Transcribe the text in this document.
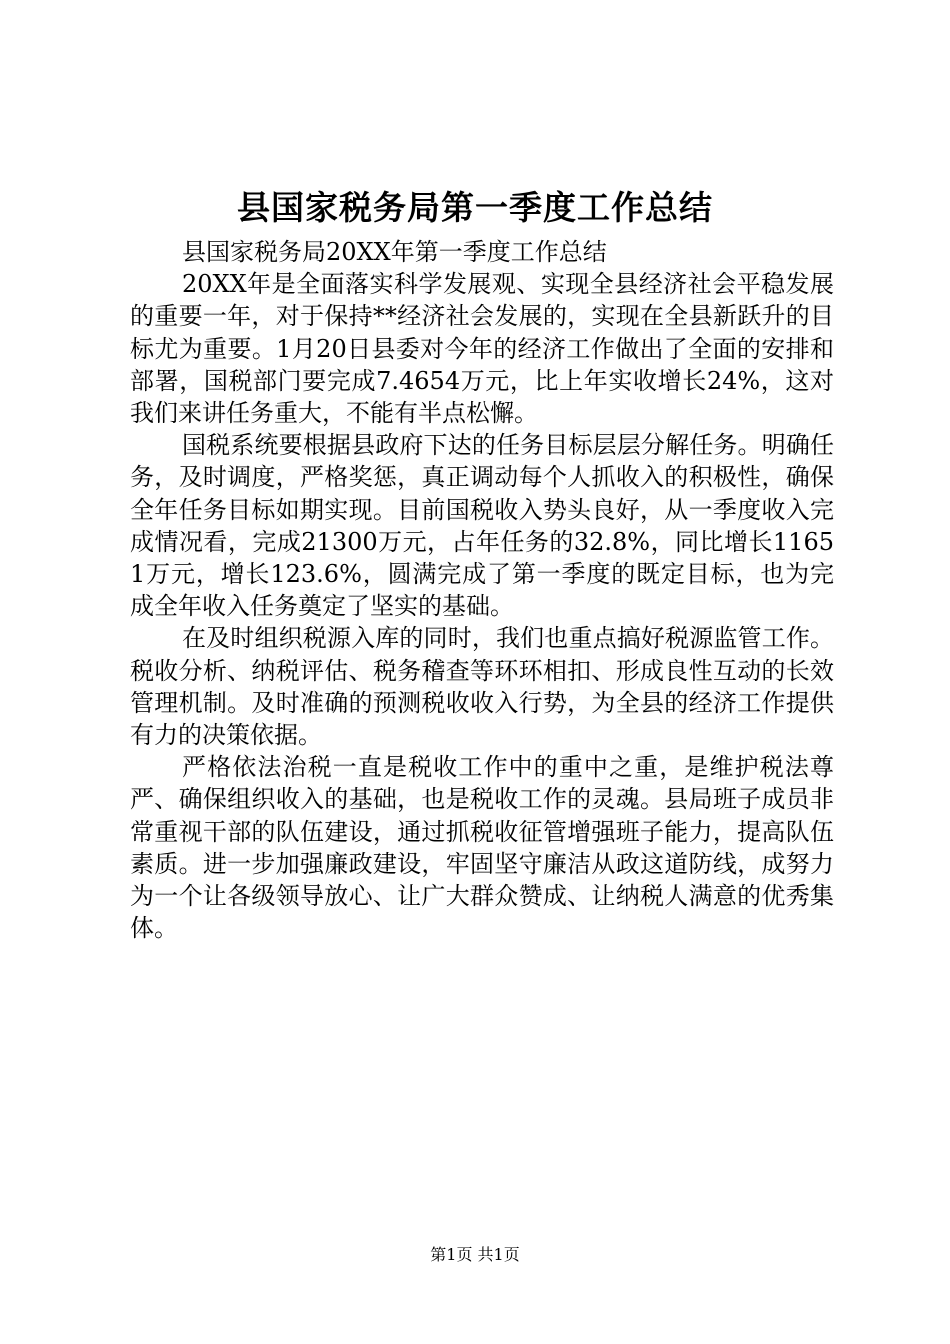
县国家税务局第一季度工作总结

县国家税务局20XX年第一季度工作总结

20XX年是全面落实科学发展观、实现全县经济社会平稳发展的重要一年，对于保持**经济社会发展的，实现在全县新跃升的目标尤为重要。1月20日县委对今年的经济工作做出了全面的安排和部署，国税部门要完成7.4654万元，比上年实收增长24%，这对我们来讲任务重大，不能有半点松懈。

国税系统要根据县政府下达的任务目标层层分解任务。明确任务，及时调度，严格奖惩，真正调动每个人抓收入的积极性，确保全年任务目标如期实现。目前国税收入势头良好，从一季度收入完成情况看，完成21300万元，占年任务的32.8%，同比增长11651万元，增长123.6%，圆满完成了第一季度的既定目标，也为完成全年收入任务奠定了坚实的基础。

在及时组织税源入库的同时，我们也重点搞好税源监管工作。税收分析、纳税评估、税务稽查等环环相扣、形成良性互动的长效管理机制。及时准确的预测税收收入行势，为全县的经济工作提供有力的决策依据。

严格依法治税一直是税收工作中的重中之重，是维护税法尊严、确保组织收入的基础，也是税收工作的灵魂。县局班子成员非常重视干部的队伍建设，通过抓税收征管增强班子能力，提高队伍素质。进一步加强廉政建设，牢固坚守廉洁从政这道防线，成努力为一个让各级领导放心、让广大群众赞成、让纳税人满意的优秀集体。

第1页 共1页
